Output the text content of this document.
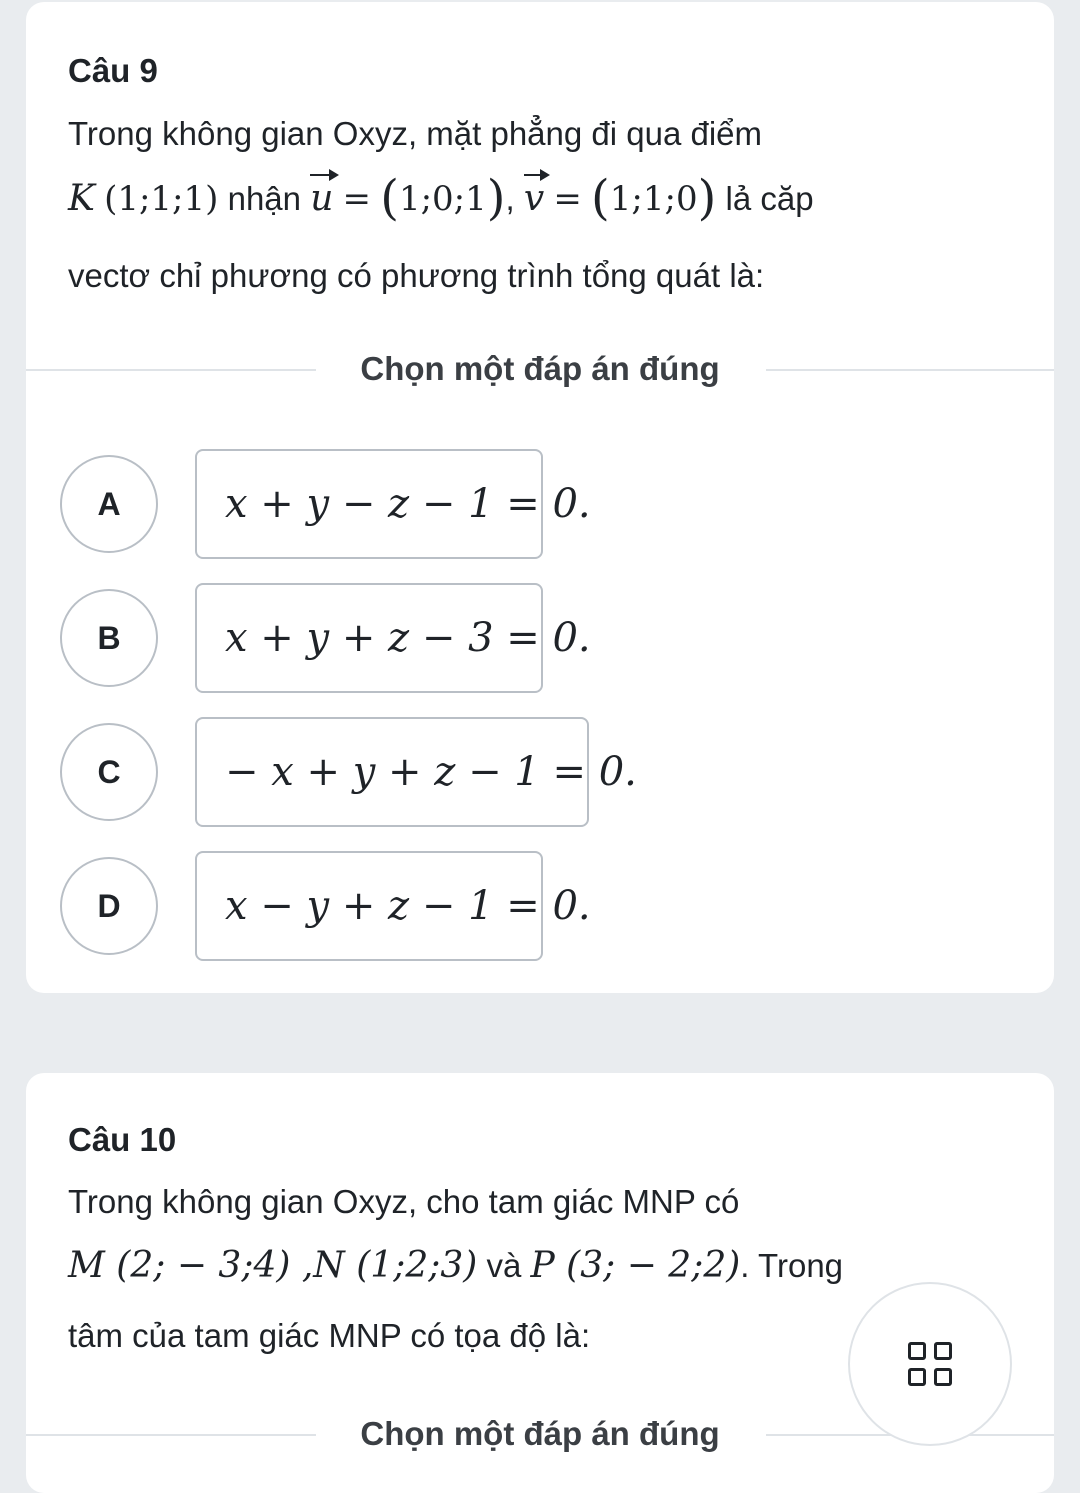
Câu 9
Trong không gian Oxyz, mặt phẳng đi qua điểm
K (1;1;1) nhận u = (1;0;1), v = (1;1;0) lả căp
vectơ chỉ phương có phương trình tổng quát là:
Chọn một đáp án đúng
A	x + y − z − 1 = 0.
B	x + y + z − 3 = 0.
C	− x + y + z − 1 = 0.
D	x − y + z − 1 = 0.
Câu 10
Trong không gian Oxyz, cho tam giác MNP có
M (2; − 3;4) ,N (1;2;3) và P (3; − 2;2). Trong
tâm của tam giác MNP có tọa độ là:
Chọn một đáp án đúng
